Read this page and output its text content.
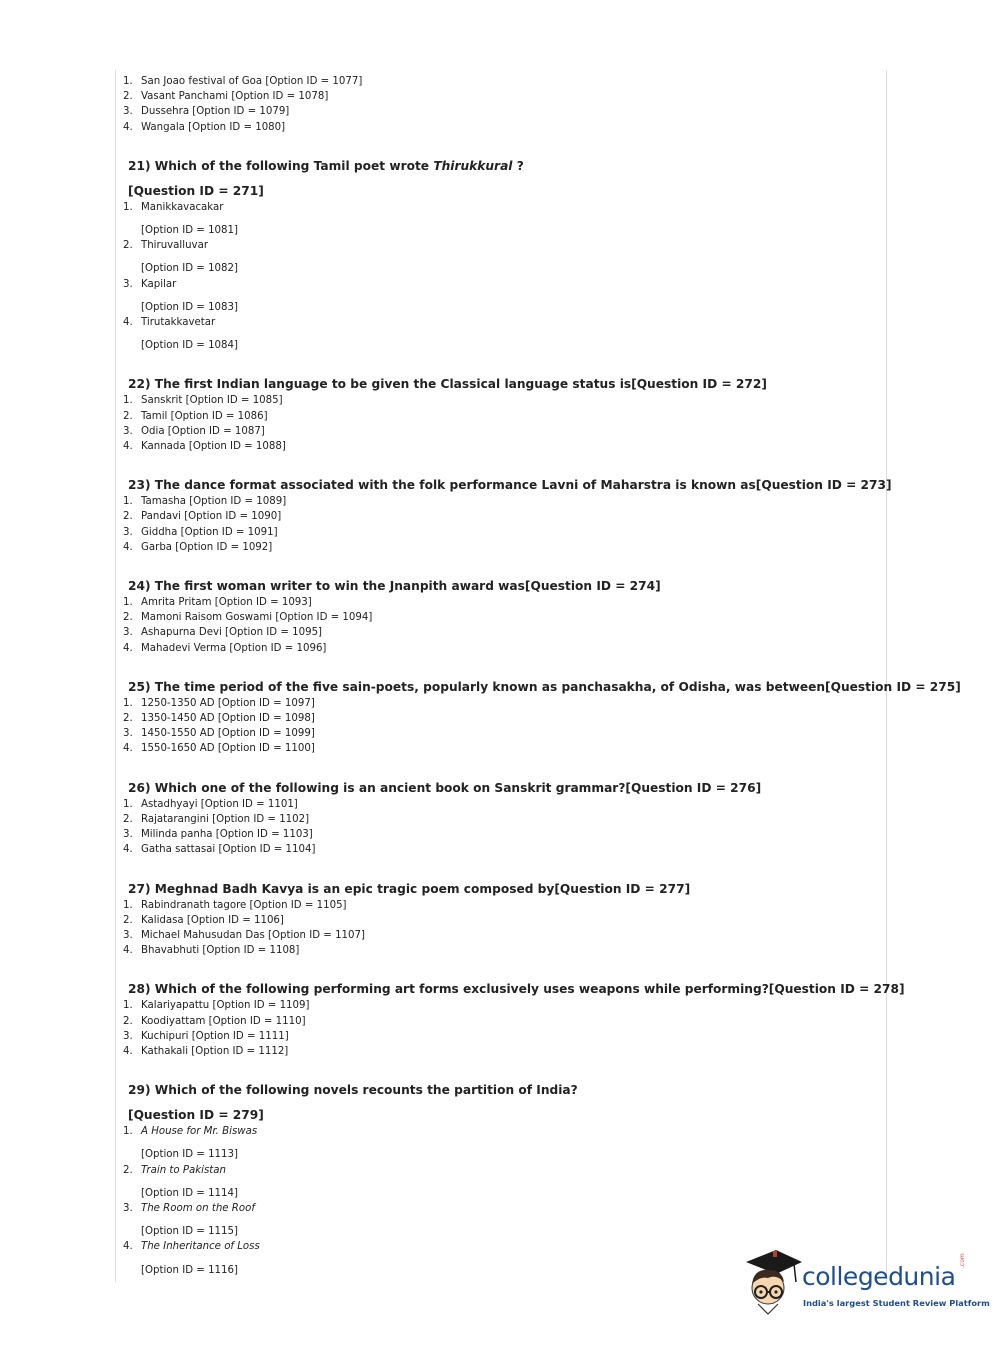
1. San Joao festival of Goa [Option ID = 1077]
2. Vasant Panchami [Option ID = 1078]
3. Dussehra [Option ID = 1079]
4. Wangala [Option ID = 1080]
21) Which of the following Tamil poet wrote Thirukkural ?
[Question ID = 271]
1. Manikkavacakar
[Option ID = 1081]
2. Thiruvalluvar
[Option ID = 1082]
3. Kapilar
[Option ID = 1083]
4. Tirutakkavetar
[Option ID = 1084]
22) The first Indian language to be given the Classical language status is[Question ID = 272]
1. Sanskrit [Option ID = 1085]
2. Tamil [Option ID = 1086]
3. Odia [Option ID = 1087]
4. Kannada [Option ID = 1088]
23) The dance format associated with the folk performance Lavni of Maharstra is known as[Question ID = 273]
1. Tamasha [Option ID = 1089]
2. Pandavi [Option ID = 1090]
3. Giddha [Option ID = 1091]
4. Garba [Option ID = 1092]
24) The first woman writer to win the Jnanpith award was[Question ID = 274]
1. Amrita Pritam [Option ID = 1093]
2. Mamoni Raisom Goswami [Option ID = 1094]
3. Ashapurna Devi [Option ID = 1095]
4. Mahadevi Verma [Option ID = 1096]
25) The time period of the five sain-poets, popularly known as panchasakha, of Odisha, was between[Question ID = 275]
1. 1250-1350 AD [Option ID = 1097]
2. 1350-1450 AD [Option ID = 1098]
3. 1450-1550 AD [Option ID = 1099]
4. 1550-1650 AD [Option ID = 1100]
26) Which one of the following is an ancient book on Sanskrit grammar?[Question ID = 276]
1. Astadhyayi [Option ID = 1101]
2. Rajatarangini [Option ID = 1102]
3. Milinda panha [Option ID = 1103]
4. Gatha sattasai [Option ID = 1104]
27) Meghnad Badh Kavya is an epic tragic poem composed by[Question ID = 277]
1. Rabindranath tagore [Option ID = 1105]
2. Kalidasa [Option ID = 1106]
3. Michael Mahusudan Das [Option ID = 1107]
4. Bhavabhuti [Option ID = 1108]
28) Which of the following performing art forms exclusively uses weapons while performing?[Question ID = 278]
1. Kalariyapattu [Option ID = 1109]
2. Koodiyattam [Option ID = 1110]
3. Kuchipuri [Option ID = 1111]
4. Kathakali [Option ID = 1112]
29) Which of the following novels recounts the partition of India?
[Question ID = 279]
1. A House for Mr. Biswas
[Option ID = 1113]
2. Train to Pakistan
[Option ID = 1114]
3. The Room on the Roof
[Option ID = 1115]
4. The Inheritance of Loss
[Option ID = 1116]	collegedunia
.com
India's largest Student Review Platform
